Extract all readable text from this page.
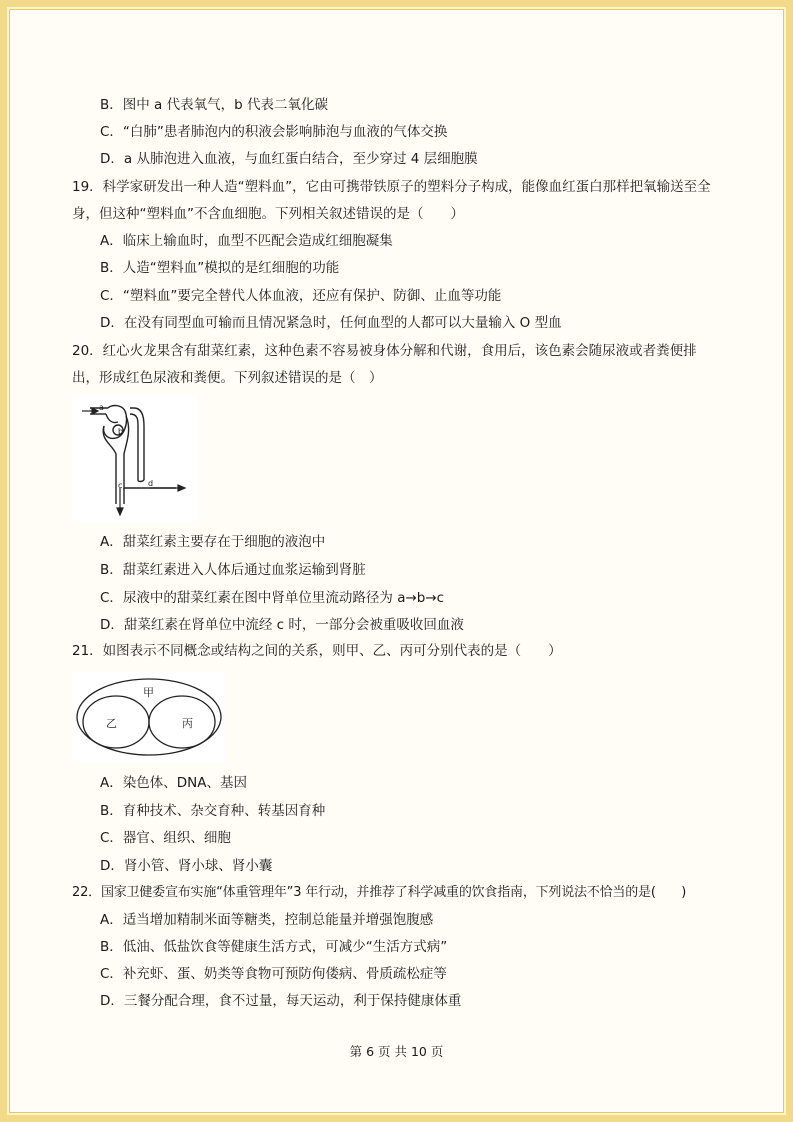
B．图中 a 代表氧气，b 代表二氧化碳
C．“白肺”患者肺泡内的积液会影响肺泡与血液的气体交换
D．a 从肺泡进入血液，与血红蛋白结合，至少穿过 4 层细胞膜
19．科学家研发出一种人造“塑料血”，它由可携带铁原子的塑料分子构成，能像血红蛋白那样把氧输送至全
身，但这种“塑料血”不含血细胞。下列相关叙述错误的是（　　）
A．临床上输血时，血型不匹配会造成红细胞凝集
B．人造“塑料血”模拟的是红细胞的功能
C．“塑料血”要完全替代人体血液，还应有保护、防御、止血等功能
D．在没有同型血可输而且情况紧急时，任何血型的人都可以大量输入 O 型血
20．红心火龙果含有甜菜红素，这种色素不容易被身体分解和代谢，食用后，该色素会随尿液或者粪便排
出，形成红色尿液和粪便。下列叙述错误的是（　）
a
b
c	d
A．甜菜红素主要存在于细胞的液泡中
B．甜菜红素进入人体后通过血浆运输到肾脏
C．尿液中的甜菜红素在图中肾单位里流动路径为 a→b→c
D．甜菜红素在肾单位中流经 c 时，一部分会被重吸收回血液
21．如图表示不同概念或结构之间的关系，则甲、乙、丙可分别代表的是（　　）
甲
乙	丙
A．染色体、DNA、基因
B．育种技术、杂交育种、转基因育种
C．器官、组织、细胞
D．肾小管、肾小球、肾小囊
22．国家卫健委宣布实施“体重管理年”3 年行动，并推荐了科学减重的饮食指南，下列说法不恰当的是(　　)
A．适当增加精制米面等糖类，控制总能量并增强饱腹感
B．低油、低盐饮食等健康生活方式，可减少“生活方式病”
C．补充虾、蛋、奶类等食物可预防佝偻病、骨质疏松症等
D．三餐分配合理，食不过量，每天运动，利于保持健康体重
第 6 页 共 10 页
